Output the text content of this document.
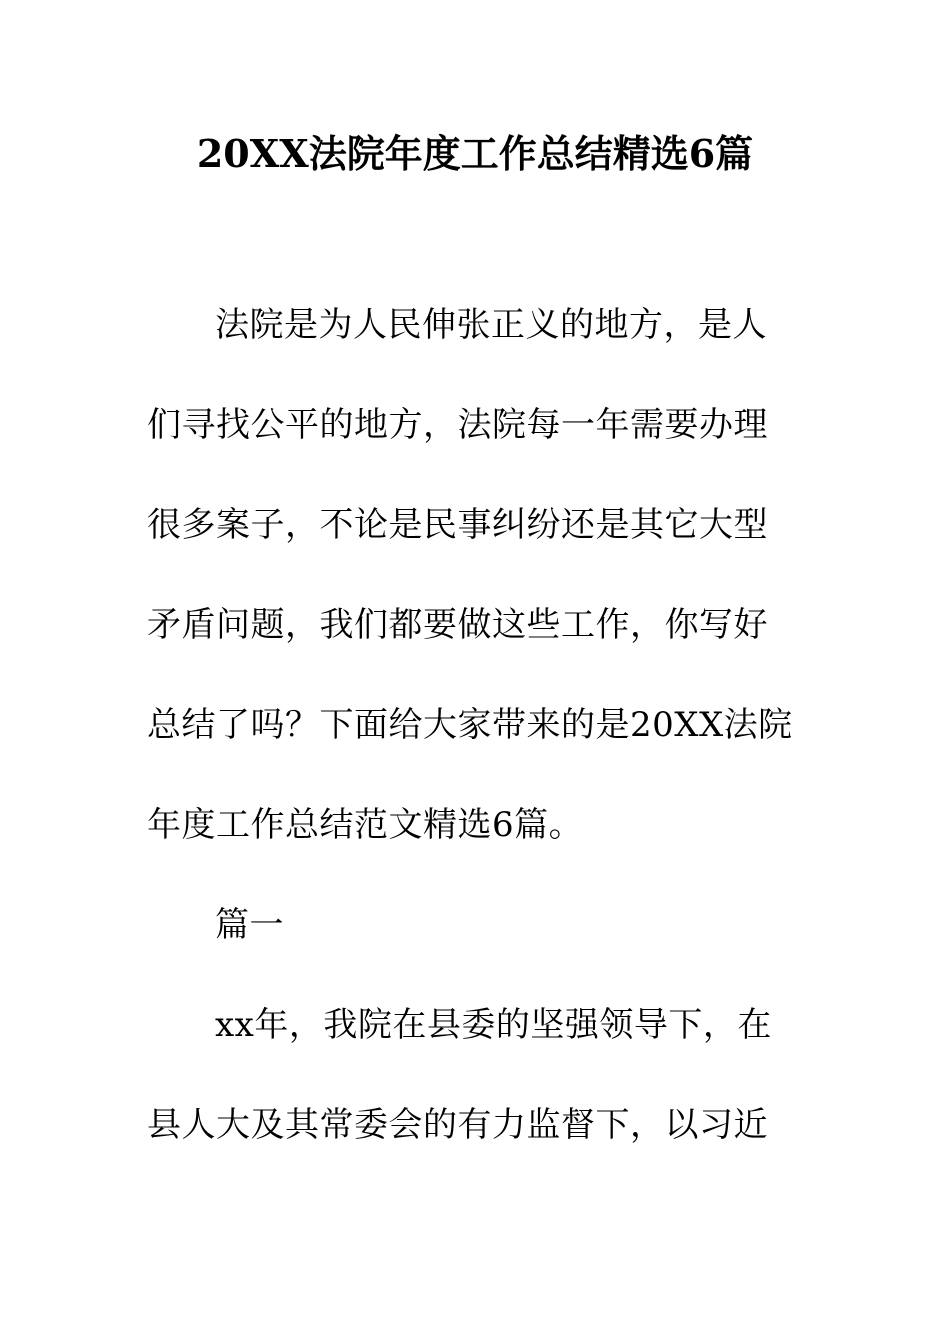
20XX法院年度工作总结精选6篇
法院是为人民伸张正义的地方，是人
们寻找公平的地方，法院每一年需要办理
很多案子，不论是民事纠纷还是其它大型
矛盾问题，我们都要做这些工作，你写好
总结了吗？下面给大家带来的是20XX法院
年度工作总结范文精选6篇。
篇一
xx年，我院在县委的坚强领导下，在
县人大及其常委会的有力监督下，以习近
